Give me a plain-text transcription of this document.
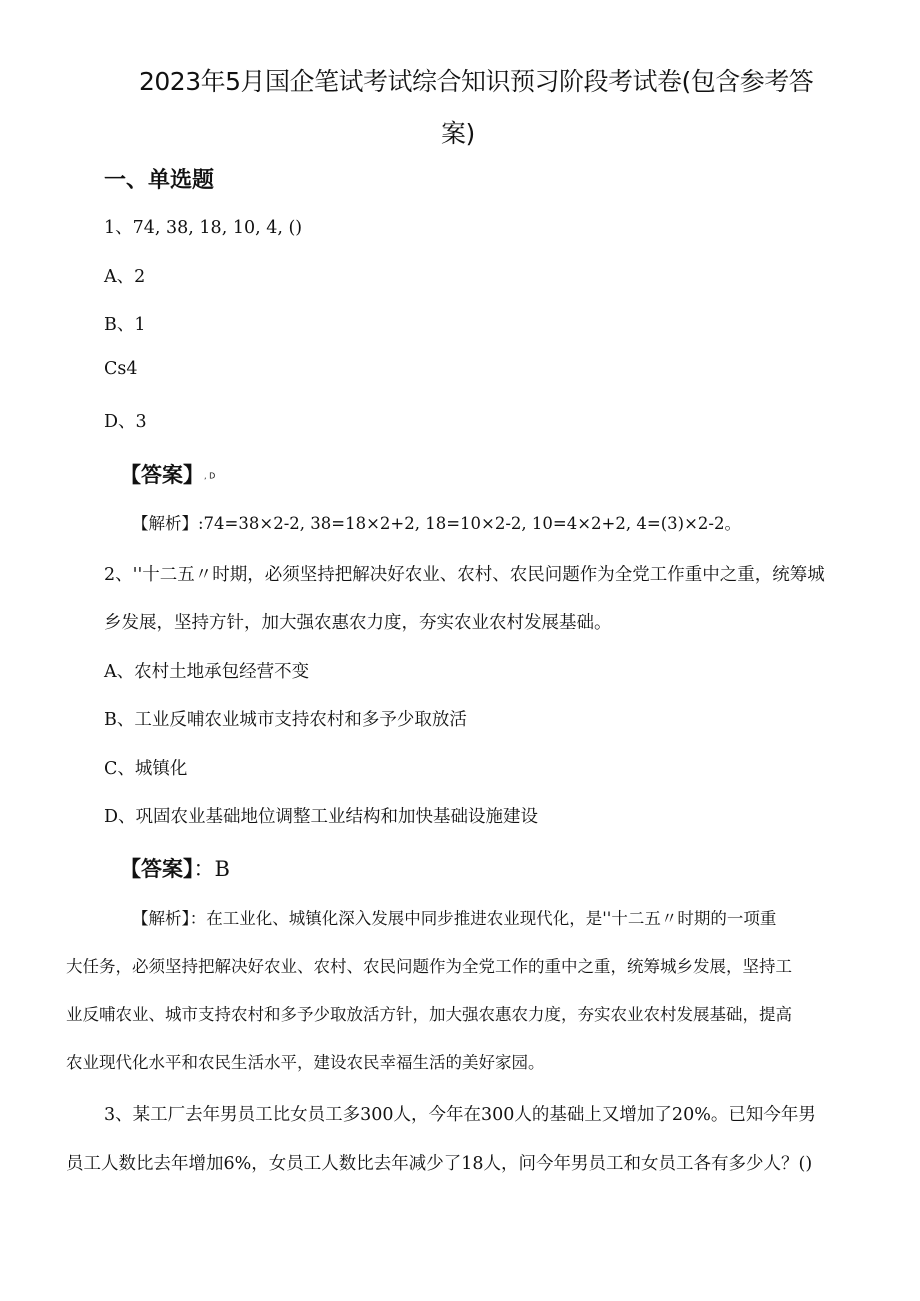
2023年5月国企笔试考试综合知识预习阶段考试卷(包含参考答

案)

一、单选题

1、74, 38, 18, 10, 4, ()

A、2

B、1

Cs4

D、3

【答案】, D

【解析】:74=38×2-2, 38=18×2+2, 18=10×2-2, 10=4×2+2, 4=(3)×2-2。

2、''十二五〃时期，必须坚持把解决好农业、农村、农民问题作为全党工作重中之重，统筹城

乡发展，坚持方针，加大强农惠农力度，夯实农业农村发展基础。

A、农村土地承包经营不变

B、工业反哺农业城市支持农村和多予少取放活

C、城镇化

D、巩固农业基础地位调整工业结构和加快基础设施建设

【答案】：B

【解析】：在工业化、城镇化深入发展中同步推进农业现代化，是''十二五〃时期的一项重

大任务，必须坚持把解决好农业、农村、农民问题作为全党工作的重中之重，统筹城乡发展，坚持工

业反哺农业、城市支持农村和多予少取放活方针，加大强农惠农力度，夯实农业农村发展基础，提高

农业现代化水平和农民生活水平，建设农民幸福生活的美好家园。

3、某工厂去年男员工比女员工多300人，今年在300人的基础上又增加了20%。已知今年男

员工人数比去年增加6%，女员工人数比去年减少了18人，问今年男员工和女员工各有多少人？()
